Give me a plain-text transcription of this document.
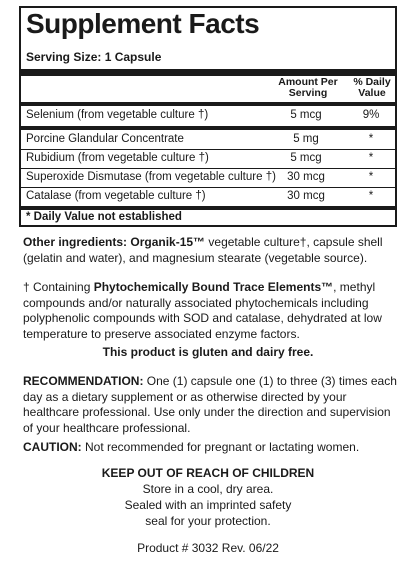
Supplement Facts
Serving Size: 1 Capsule
Amount Per
Serving
% Daily
Value
Selenium (from vegetable culture †)	5 mcg	9%
Porcine Glandular Concentrate	5 mg	*
Rubidium (from vegetable culture †)	5 mcg	*
Superoxide Dismutase (from vegetable culture †) 30 mcg	*
Catalase (from vegetable culture †)	30 mcg	*
* Daily Value not established
Other ingredients: Organik-15™ vegetable culture†, capsule shell (gelatin and water), and magnesium stearate (vegetable source).
† Containing Phytochemically Bound Trace Elements™, methyl compounds and/or naturally associated phytochemicals including polyphenolic compounds with SOD and catalase, dehydrated at low temperature to preserve associated enzyme factors.
This product is gluten and dairy free.
RECOMMENDATION: One (1) capsule one (1) to three (3) times each day as a dietary supplement or as otherwise directed by your healthcare professional. Use only under the direction and supervision of your healthcare professional.
CAUTION: Not recommended for pregnant or lactating women.
KEEP OUT OF REACH OF CHILDREN
Store in a cool, dry area.
Sealed with an imprinted safety
seal for your protection.
Product # 3032 Rev. 06/22
